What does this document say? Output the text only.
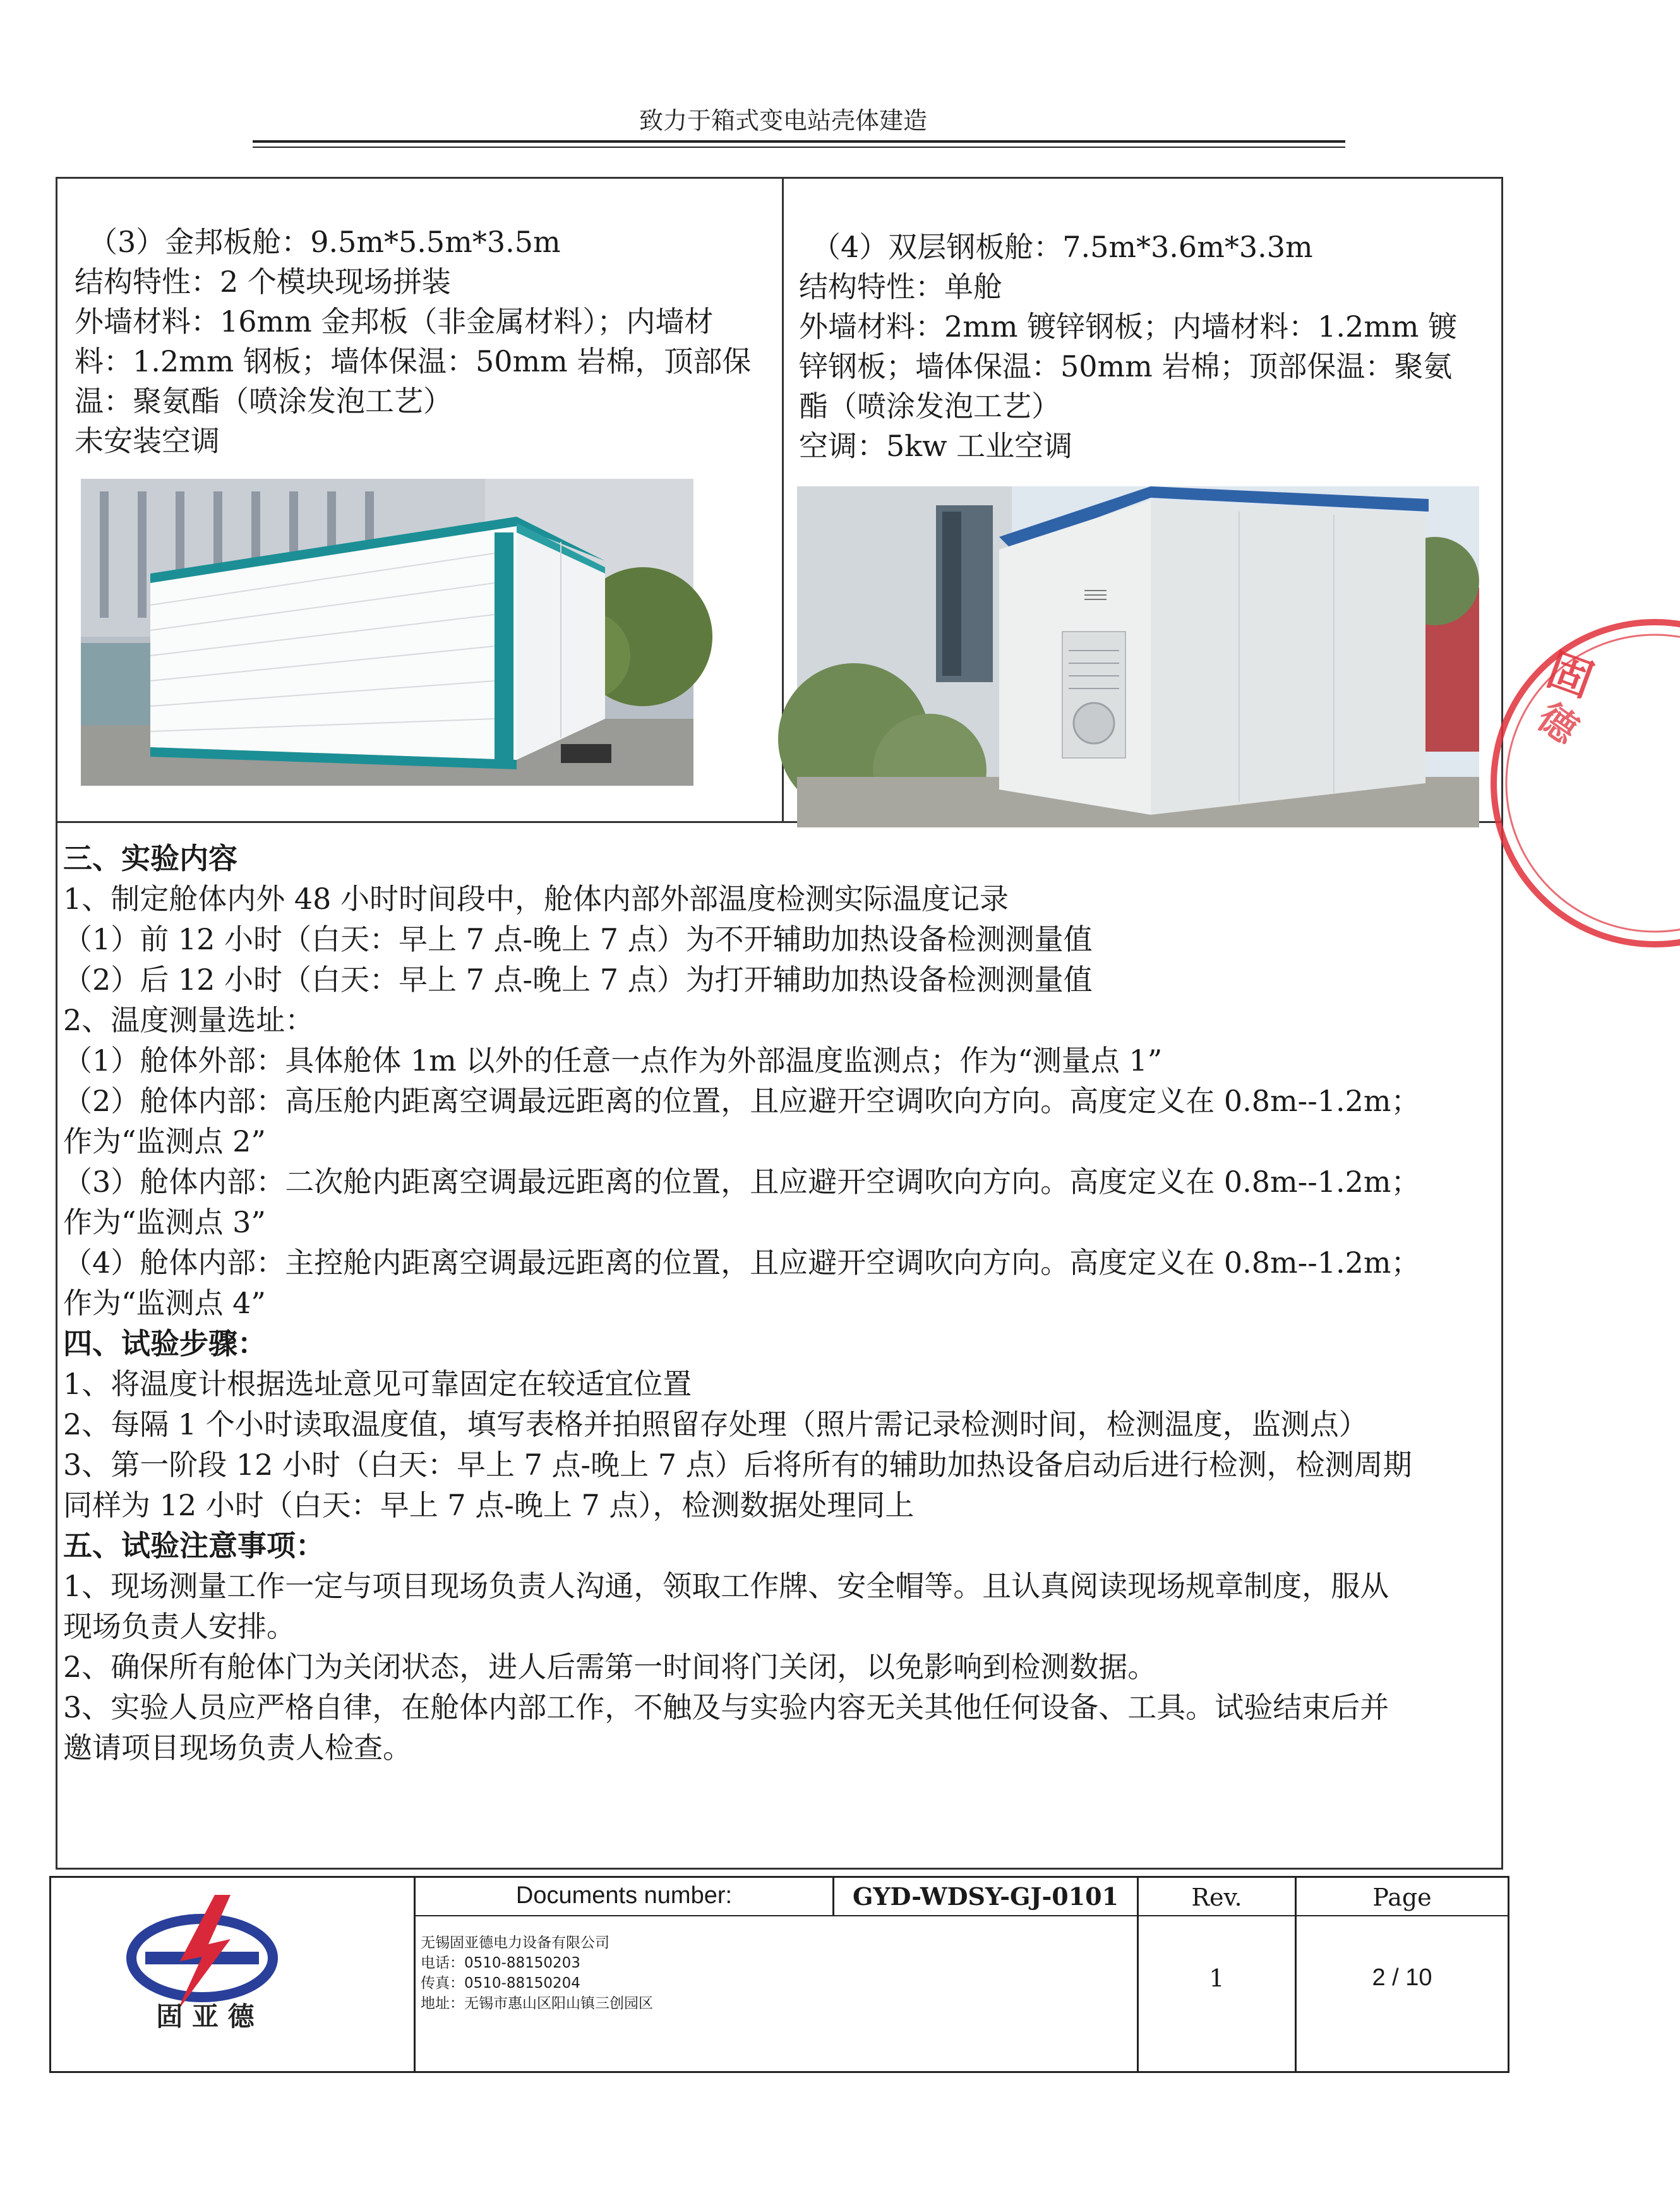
致力于箱式变电站壳体建造
（3）金邦板舱：9.5m*5.5m*3.5m
结构特性：2 个模块现场拼装
外墙材料：16mm 金邦板（非金属材料）；内墙材
料：1.2mm 钢板；墙体保温：50mm 岩棉，顶部保
温：聚氨酯（喷涂发泡工艺）
未安装空调
（4）双层钢板舱：7.5m*3.6m*3.3m
结构特性：单舱
外墙材料：2mm 镀锌钢板；内墙材料：1.2mm 镀
锌钢板；墙体保温：50mm 岩棉；顶部保温：聚氨
酯（喷涂发泡工艺）
空调：5kw 工业空调
三、实验内容
1、制定舱体内外 48 小时时间段中，舱体内部外部温度检测实际温度记录
（1）前 12 小时（白天：早上 7 点-晚上 7 点）为不开辅助加热设备检测测量值
（2）后 12 小时（白天：早上 7 点-晚上 7 点）为打开辅助加热设备检测测量值
2、温度测量选址：
（1）舱体外部：具体舱体 1m 以外的任意一点作为外部温度监测点；作为“测量点 1”
（2）舱体内部：高压舱内距离空调最远距离的位置，且应避开空调吹向方向。高度定义在 0.8m--1.2m；
作为“监测点 2”
（3）舱体内部：二次舱内距离空调最远距离的位置，且应避开空调吹向方向。高度定义在 0.8m--1.2m；
作为“监测点 3”
（4）舱体内部：主控舱内距离空调最远距离的位置，且应避开空调吹向方向。高度定义在 0.8m--1.2m；
作为“监测点 4”
四、试验步骤：
1、将温度计根据选址意见可靠固定在较适宜位置
2、每隔 1 个小时读取温度值，填写表格并拍照留存处理（照片需记录检测时间，检测温度，监测点）
3、第一阶段 12 小时（白天：早上 7 点-晚上 7 点）后将所有的辅助加热设备启动后进行检测，检测周期
同样为 12 小时（白天：早上 7 点-晚上 7 点），检测数据处理同上
五、试验注意事项：
1、现场测量工作一定与项目现场负责人沟通，领取工作牌、安全帽等。且认真阅读现场规章制度，服从
现场负责人安排。
2、确保所有舱体门为关闭状态，进人后需第一时间将门关闭，以免影响到检测数据。
3、实验人员应严格自律，在舱体内部工作，不触及与实验内容无关其他任何设备、工具。试验结束后并
邀请项目现场负责人检查。
固
德
固 亚 德
Documents number:	GYD-WDSY-GJ-0101	Rev.	Page
无锡固亚德电力设备有限公司
电话：0510-88150203
传真：0510-88150204
地址：无锡市惠山区阳山镇三创园区
1	2 / 10
